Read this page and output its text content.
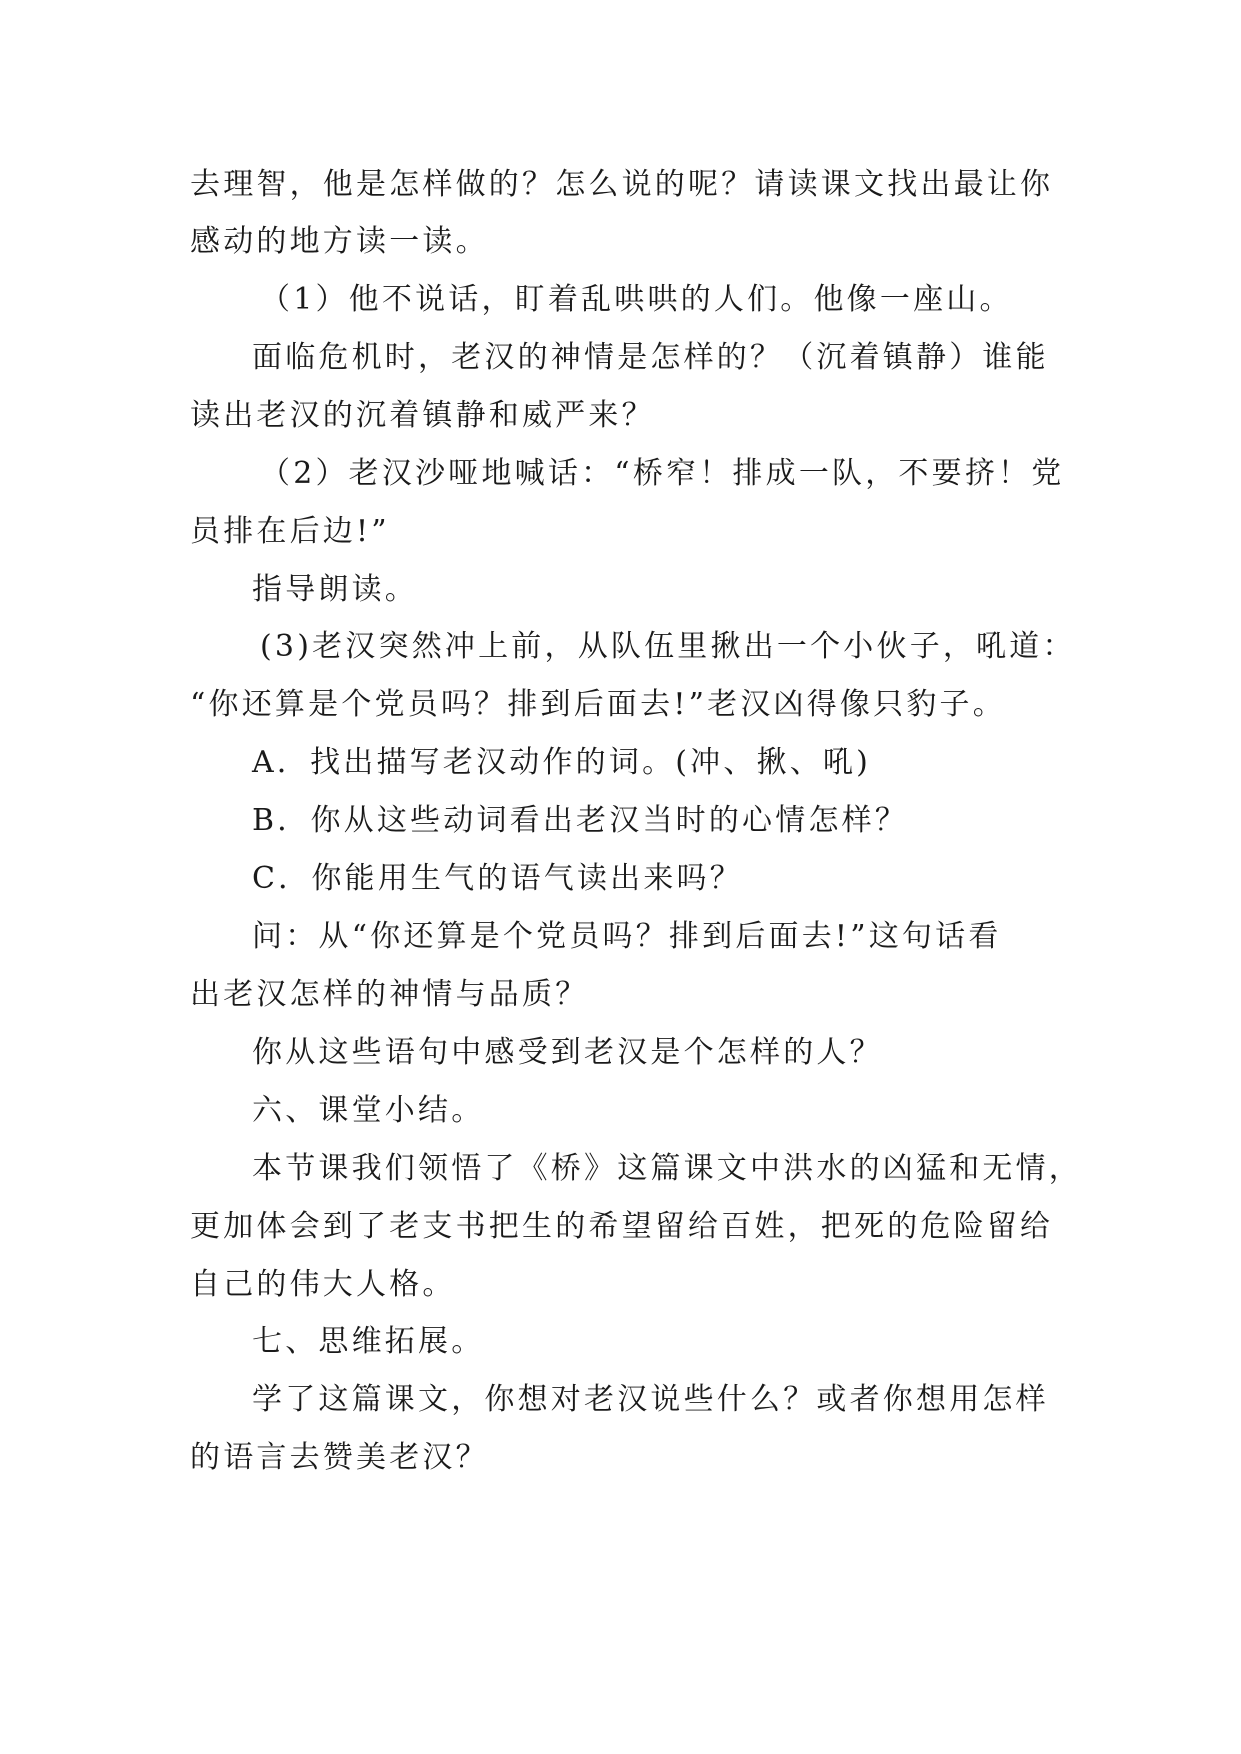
去理智，他是怎样做的？怎么说的呢？请读课文找出最让你
感动的地方读一读。
（1）他不说话，盯着乱哄哄的人们。他像一座山。
面临危机时，老汉的神情是怎样的？（沉着镇静）谁能
读出老汉的沉着镇静和威严来？
（2）老汉沙哑地喊话：“桥窄！排成一队，不要挤！党
员排在后边!”
指导朗读。
(3)老汉突然冲上前，从队伍里揪出一个小伙子，吼道：
“你还算是个党员吗？排到后面去!”老汉凶得像只豹子。
A．找出描写老汉动作的词。(冲、揪、吼)
B．你从这些动词看出老汉当时的心情怎样？
C．你能用生气的语气读出来吗？
问：从“你还算是个党员吗？排到后面去!”这句话看
出老汉怎样的神情与品质？
你从这些语句中感受到老汉是个怎样的人？
六、课堂小结。
本节课我们领悟了《桥》这篇课文中洪水的凶猛和无情，
更加体会到了老支书把生的希望留给百姓，把死的危险留给
自己的伟大人格。
七、思维拓展。
学了这篇课文，你想对老汉说些什么？或者你想用怎样
的语言去赞美老汉？
